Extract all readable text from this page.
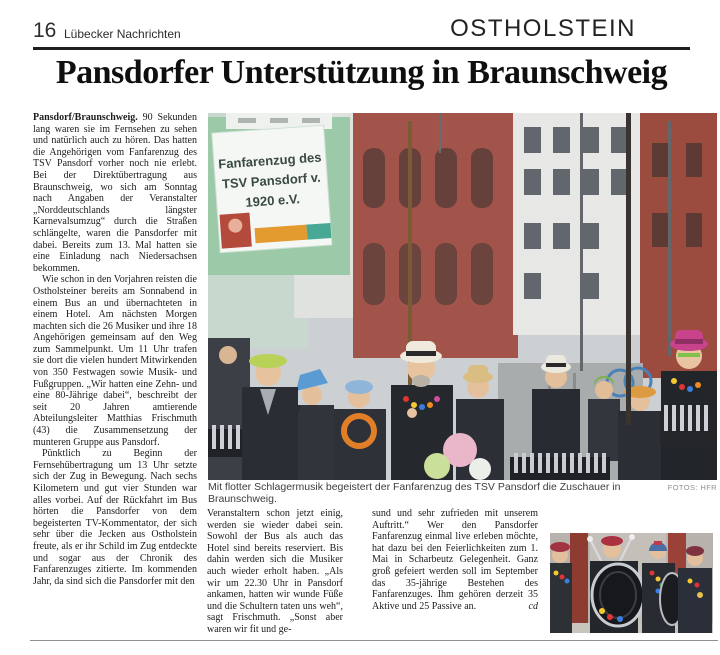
16 Lübecker Nachrichten	OSTHOLSTEIN
Pansdorfer Unterstützung in Braunschweig

Pansdorf/Braunschweig. 90 Sekunden lang waren sie im Fernsehen zu sehen und natürlich auch zu hören. Das hatten die Angehörigen vom Fanfarenzug des TSV Pansdorf vorher noch nie erlebt. Bei der Direktübertragung aus Braunschweig, wo sich am Sonntag nach Angaben der Veranstalter „Norddeutschlands längster Karnevalsumzug“ durch die Straßen schlängelte, waren die Pansdorfer mit dabei. Bereits zum 13. Mal hatten sie eine Einladung nach Niedersachsen bekommen.

Wie schon in den Vorjahren reisten die Ostholsteiner bereits am Sonnabend in einem Bus an und übernachteten in einem Hotel. Am nächsten Morgen machten sich die 26 Musiker und ihre 18 Angehörigen gemeinsam auf den Weg zum Sammelpunkt. Um 11 Uhr trafen sie dort die vielen hundert Mitwirkenden von 350 Festwagen sowie Musik- und Fußgruppen. „Wir hatten eine Zehn- und eine 80-Jährige dabei“, beschreibt der seit 20 Jahren amtierende Abteilungsleiter Matthias Frischmuth (43) die Zusammensetzung der munteren Gruppe aus Pansdorf.

Pünktlich zu Beginn der Fernsehübertragung um 13 Uhr setzte sich der Zug in Bewegung. Nach sechs Kilometern und gut vier Stunden war alles vorbei. Auf der Rückfahrt im Bus hörten die Pansdorfer von dem begeisterten TV-Kommentator, der sich sehr über die Jecken aus Ostholstein freute, als er ihr Schild im Zug entdeckte und sogar aus der Chronik des Fanfarenzuges zitierte. Im kommenden Jahr, da sind sich die Pansdorfer mit den

Fanfarenzug des
TSV Pansdorf v.
1920 e.V.
Mit flotter Schlagermusik begeistert der Fanfarenzug des TSV Pansdorf die Zuschauer in Braunschweig.
FOTOS: HFR

Veranstaltern schon jetzt einig, werden sie wieder dabei sein. Sowohl der Bus als auch das Hotel sind bereits reserviert. Bis dahin werden sich die Musiker auch wieder erholt haben. „Als wir um 22.30 Uhr in Pansdorf ankamen, hatten wir wunde Füße und die Schultern taten uns weh“, sagt Frischmuth. „Sonst aber waren wir fit und ge-

sund und sehr zufrieden mit unserem Auftritt.“ Wer den Pansdorfer Fanfarenzug einmal live erleben möchte, hat dazu bei den Feierlichkeiten zum 1. Mai in Scharbeutz Gelegenheit. Ganz groß gefeiert werden soll im September das 35-jährige Bestehen des Fanfarenzuges. Ihm gehören derzeit 35 Aktive und 25 Passive an.	cd
